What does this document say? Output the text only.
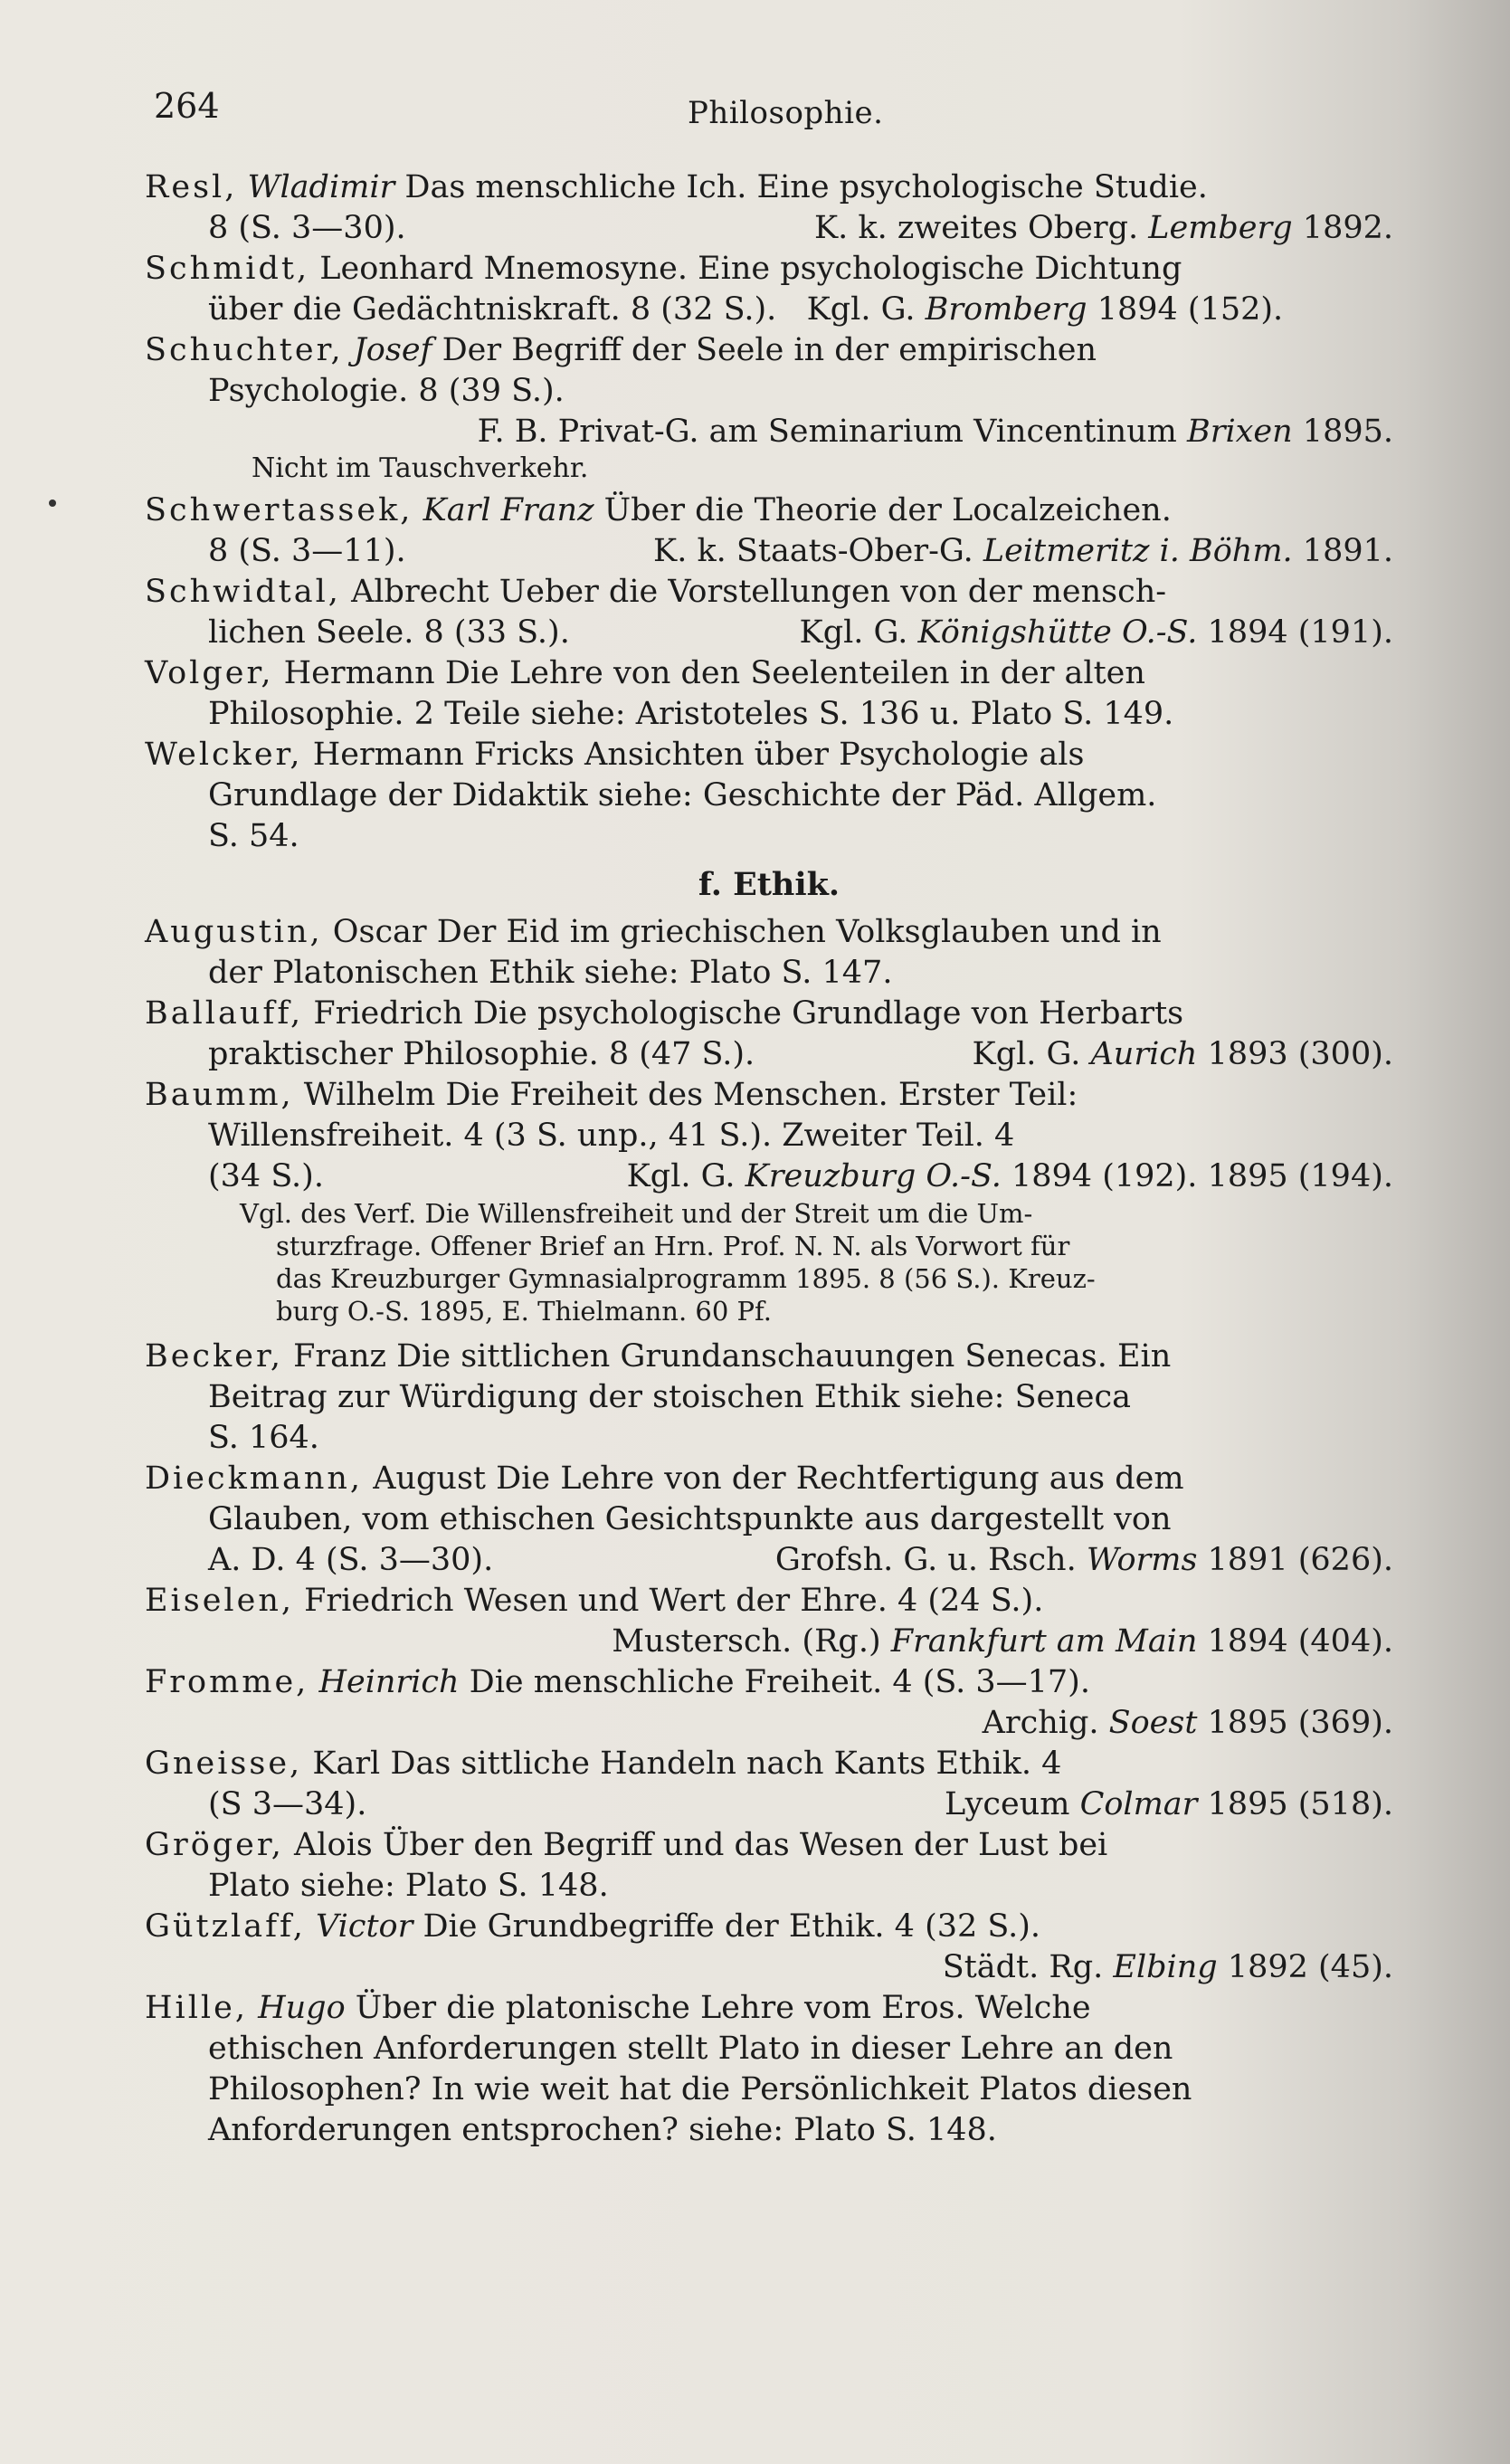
264	Philosophie.
Resl, Wladimir Das menschliche Ich. Eine psychologische Studie.
8 (S. 3—30).	K. k. zweites Oberg. Lemberg 1892.
Schmidt, Leonhard Mnemosyne. Eine psychologische Dichtung
über die Gedächtniskraft. 8 (32 S.). Kgl. G. Bromberg 1894 (152).
Schuchter, Josef Der Begriff der Seele in der empirischen
Psychologie. 8 (39 S.).
F. B. Privat-G. am Seminarium Vincentinum Brixen 1895.
Nicht im Tauschverkehr.
Schwertassek, Karl Franz Über die Theorie der Localzeichen.
8 (S. 3—11).	K. k. Staats-Ober-G. Leitmeritz i. Böhm. 1891.
Schwidtal, Albrecht Ueber die Vorstellungen von der mensch-
lichen Seele. 8 (33 S.).	Kgl. G. Königshütte O.-S. 1894 (191).
Volger, Hermann Die Lehre von den Seelenteilen in der alten
Philosophie. 2 Teile siehe: Aristoteles S. 136 u. Plato S. 149.
Welcker, Hermann Fricks Ansichten über Psychologie als
Grundlage der Didaktik siehe: Geschichte der Päd. Allgem.
S. 54.
f. Ethik.
Augustin, Oscar Der Eid im griechischen Volksglauben und in
der Platonischen Ethik siehe: Plato S. 147.
Ballauff, Friedrich Die psychologische Grundlage von Herbarts
praktischer Philosophie. 8 (47 S.).	Kgl. G. Aurich 1893 (300).
Baumm, Wilhelm Die Freiheit des Menschen. Erster Teil:
Willensfreiheit. 4 (3 S. unp., 41 S.). Zweiter Teil. 4
(34 S.).	Kgl. G. Kreuzburg O.-S. 1894 (192). 1895 (194).
Vgl. des Verf. Die Willensfreiheit und der Streit um die Um-
sturzfrage. Offener Brief an Hrn. Prof. N. N. als Vorwort für
das Kreuzburger Gymnasialprogramm 1895. 8 (56 S.). Kreuz-
burg O.-S. 1895, E. Thielmann. 60 Pf.
Becker, Franz Die sittlichen Grundanschauungen Senecas. Ein
Beitrag zur Würdigung der stoischen Ethik siehe: Seneca
S. 164.
Dieckmann, August Die Lehre von der Rechtfertigung aus dem
Glauben, vom ethischen Gesichtspunkte aus dargestellt von
A. D. 4 (S. 3—30).	Grofsh. G. u. Rsch. Worms 1891 (626).
Eiselen, Friedrich Wesen und Wert der Ehre. 4 (24 S.).
Mustersch. (Rg.) Frankfurt am Main 1894 (404).
Fromme, Heinrich Die menschliche Freiheit. 4 (S. 3—17).
Archig. Soest 1895 (369).
Gneisse, Karl Das sittliche Handeln nach Kants Ethik. 4
(S 3—34).	Lyceum Colmar 1895 (518).
Gröger, Alois Über den Begriff und das Wesen der Lust bei
Plato siehe: Plato S. 148.
Gützlaff, Victor Die Grundbegriffe der Ethik. 4 (32 S.).
Städt. Rg. Elbing 1892 (45).
Hille, Hugo Über die platonische Lehre vom Eros. Welche
ethischen Anforderungen stellt Plato in dieser Lehre an den
Philosophen? In wie weit hat die Persönlichkeit Platos diesen
Anforderungen entsprochen? siehe: Plato S. 148.
